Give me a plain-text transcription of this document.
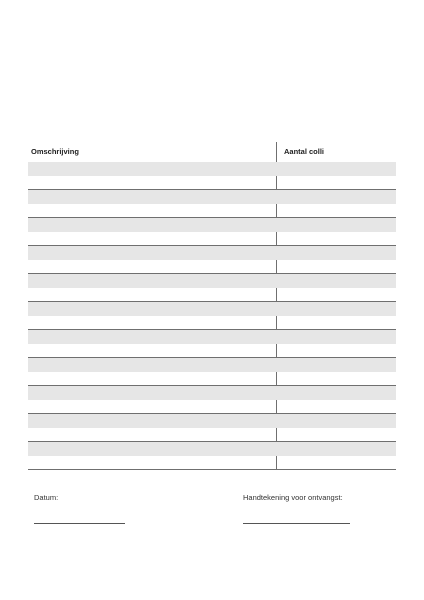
Omschrijving	Aantal colli
Datum:	Handtekening voor ontvangst:
